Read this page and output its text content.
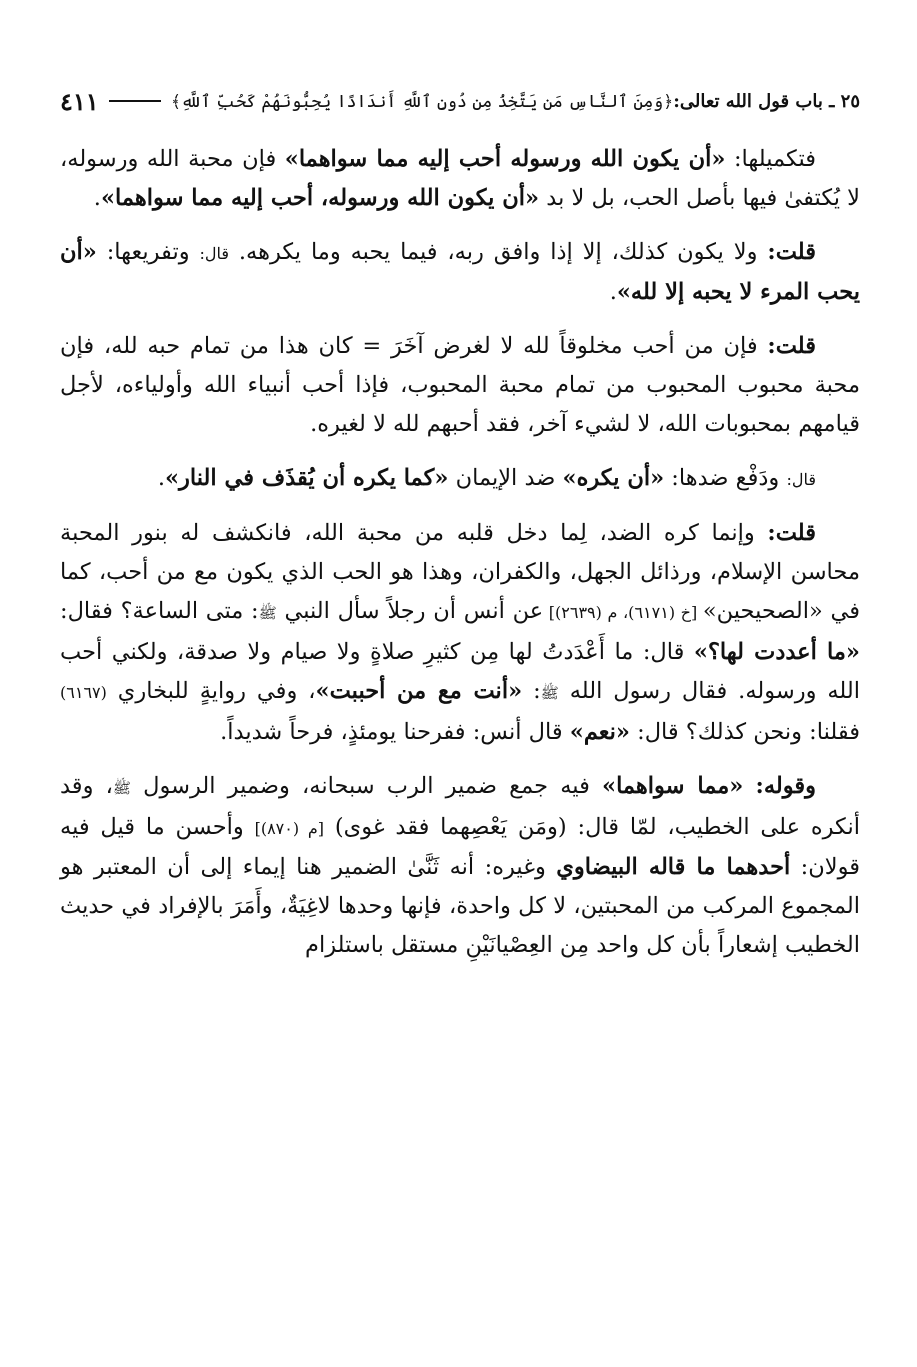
٢٥ ـ باب قول الله تعالى:﴿وَمِنَ ٱلنَّاسِ مَن يَتَّخِذُ مِن دُونِ ٱللَّهِ أَندَادًا يُحِبُّونَهُمْ كَحُبِّ ٱللَّهِ﴾
٤١١

فتكميلها: «أن يكون الله ورسوله أحب إليه مما سواهما» فإن محبة الله ورسوله، لا يُكتفىٰ فيها بأصل الحب، بل لا بد «أن يكون الله ورسوله، أحب إليه مما سواهما».

قلت: ولا يكون كذلك، إلا إذا وافق ربه، فيما يحبه وما يكرهه. قال: وتفريعها: «أن يحب المرء لا يحبه إلا لله».

قلت: فإن من أحب مخلوقاً لله لا لغرض آخَرَ = كان هذا من تمام حبه لله، فإن محبة محبوب المحبوب من تمام محبة المحبوب، فإذا أحب أنبياء الله وأولياءه، لأجل قيامهم بمحبوبات الله، لا لشيء آخر، فقد أحبهم لله لا لغيره.

قال: ودَفْع ضدها: «أن يكره» ضد الإيمان «كما يكره أن يُقذَف في النار».

قلت: وإنما كره الضد، لِما دخل قلبه من محبة الله، فانكشف له بنور المحبة محاسن الإسلام، ورذائل الجهل، والكفران، وهذا هو الحب الذي يكون مع من أحب، كما في «الصحيحين» [خ (٦١٧١)، م (٢٦٣٩)] عن أنس أن رجلاً سأل النبي ﷺ: متى الساعة؟ فقال: «ما أعددت لها؟» قال: ما أَعْدَدتُ لها مِن كثيرِ صلاةٍ ولا صيام ولا صدقة، ولكني أحب الله ورسوله. فقال رسول الله ﷺ: «أنت مع من أحببت»، وفي روايةٍ للبخاري (٦١٦٧) فقلنا: ونحن كذلك؟ قال: «نعم» قال أنس: ففرحنا يومئذٍ، فرحاً شديداً.

وقوله: «مما سواهما» فيه جمع ضمير الرب سبحانه، وضمير الرسول ﷺ، وقد أنكره على الخطيب، لمّا قال: (ومَن يَعْصِهما فقد غوى) [م (٨٧٠)] وأحسن ما قيل فيه قولان: أحدهما ما قاله البيضاوي وغيره: أنه ثَنَّىٰ الضمير هنا إيماء إلى أن المعتبر هو المجموع المركب من المحبتين، لا كل واحدة، فإنها وحدها لاغِيَةٌ، وأَمَرَ بالإفراد في حديث الخطيب إشعاراً بأن كل واحد مِن العِصْيانَيْنِ مستقل باستلزام
